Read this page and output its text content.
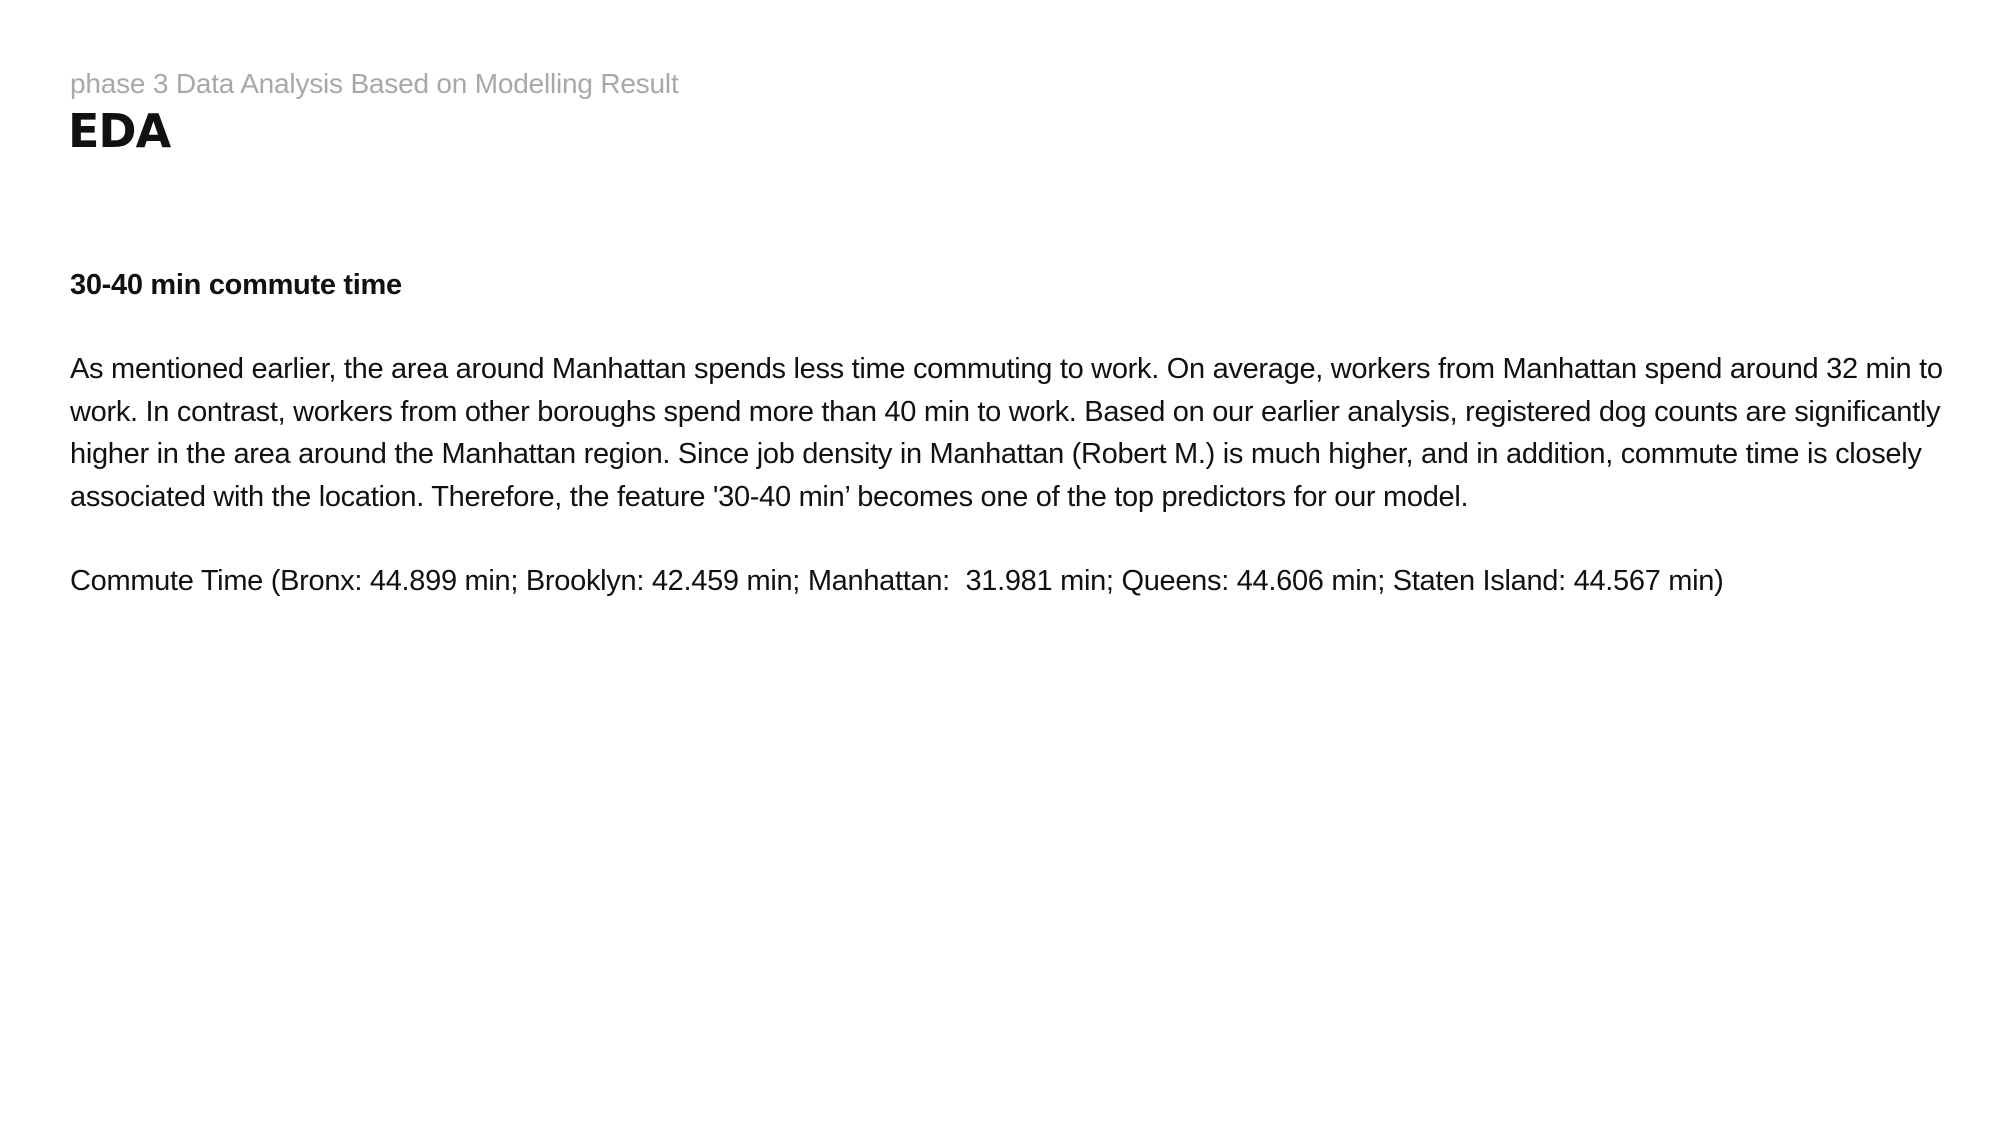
phase 3 Data Analysis Based on Modelling Result
EDA
30-40 min commute time
As mentioned earlier, the area around Manhattan spends less time commuting to work. On average, workers from Manhattan spend around 32 min to work. In contrast, workers from other boroughs spend more than 40 min to work. Based on our earlier analysis, registered dog counts are significantly higher in the area around the Manhattan region. Since job density in Manhattan (Robert M.) is much higher, and in addition, commute time is closely associated with the location. Therefore, the feature '30-40 min’ becomes one of the top predictors for our model.
Commute Time (Bronx: 44.899 min; Brooklyn: 42.459 min; Manhattan:  31.981 min; Queens: 44.606 min; Staten Island: 44.567 min)
